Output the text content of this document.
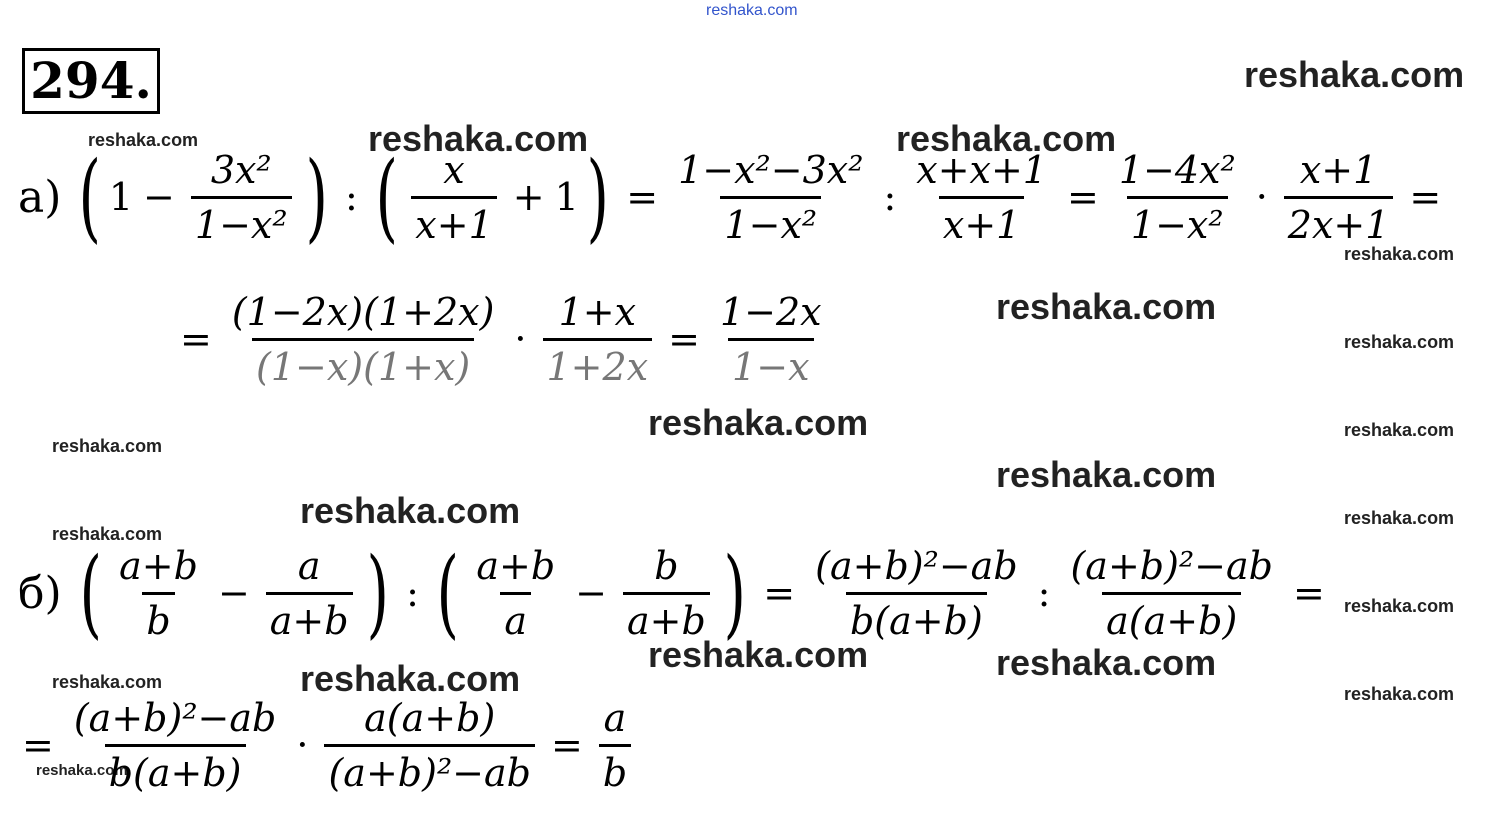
reshaka.com
reshaka.com
reshaka.com	reshaka.com	reshaka.com
reshaka.com
reshaka.com
reshaka.com
reshaka.com
reshaka.com
reshaka.com
reshaka.com
reshaka.com
reshaka.com
reshaka.com
reshaka.com
reshaka.com	reshaka.com
reshaka.com
reshaka.com
reshaka.com
reshaka.com
294.
а) ( $1 - \frac{\text{3x²}}{\text{1−x²}}$ ) : ( $\frac{x}{x+1} + 1$ ) = $\frac{\text{1−x²−3x²}}{\text{1−x²}}$ : $\frac{x+x+1}{x+1} = \frac{\text{1−4x²}}{\text{1−x²}} \cdot \frac{x+1}{2x+1}$ =
= $\frac{(1-2x)(1+2x)}{(1-x)(1+x)} \cdot \frac{1+x}{1+2x} = \frac{1-2x}{1-x}$
б) ( $\frac{a+b}{b} - \frac{a}{a+b}$ ) : ( $\frac{a+b}{a} - \frac{b}{a+b}$ ) = $\frac{\text{(a+b)²−ab}}{b(a+b)}$ : $\frac{\text{(a+b)²−ab}}{a(a+b)}$ =
= $\frac{\text{(a+b)²−ab}}{b(a+b)} \cdot \frac{a(a+b)}{\text{(a+b)²−ab}} = \frac{a}{b}$
